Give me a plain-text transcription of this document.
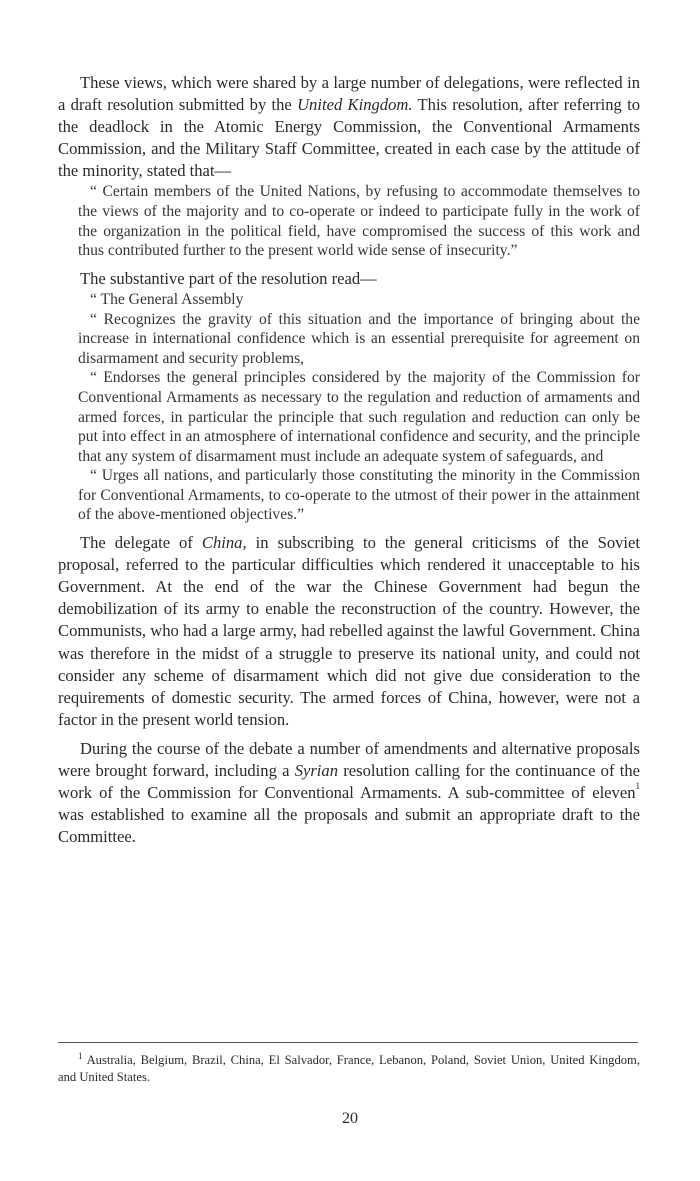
These views, which were shared by a large number of delegations, were reflected in a draft resolution submitted by the United Kingdom. This resolution, after referring to the deadlock in the Atomic Energy Commission, the Conventional Armaments Commission, and the Military Staff Committee, created in each case by the attitude of the minority, stated that—

“ Certain members of the United Nations, by refusing to accommodate themselves to the views of the majority and to co-operate or indeed to participate fully in the work of the organization in the political field, have compromised the success of this work and thus contributed further to the present world wide sense of insecurity.”

The substantive part of the resolution read—

“ The General Assembly

“ Recognizes the gravity of this situation and the importance of bringing about the increase in international confidence which is an essential prerequisite for agreement on disarmament and security problems,

“ Endorses the general principles considered by the majority of the Commission for Conventional Armaments as necessary to the regulation and reduction of armaments and armed forces, in particular the principle that such regulation and reduction can only be put into effect in an atmosphere of international confidence and security, and the principle that any system of disarmament must include an adequate system of safeguards, and

“ Urges all nations, and particularly those constituting the minority in the Commission for Conventional Armaments, to co-operate to the utmost of their power in the attainment of the above-mentioned objectives.”

The delegate of China, in subscribing to the general criticisms of the Soviet proposal, referred to the particular difficulties which rendered it unacceptable to his Government. At the end of the war the Chinese Government had begun the demobilization of its army to enable the reconstruction of the country. However, the Communists, who had a large army, had rebelled against the lawful Government. China was therefore in the midst of a struggle to preserve its national unity, and could not consider any scheme of disarmament which did not give due consideration to the requirements of domestic security. The armed forces of China, however, were not a factor in the present world tension.

During the course of the debate a number of amendments and alternative proposals were brought forward, including a Syrian resolution calling for the continuance of the work of the Commission for Conventional Armaments. A sub-committee of eleven$^1$ was established to examine all the proposals and submit an appropriate draft to the Committee.

$^1$ Australia, Belgium, Brazil, China, El Salvador, France, Lebanon, Poland, Soviet Union, United Kingdom, and United States.

20
